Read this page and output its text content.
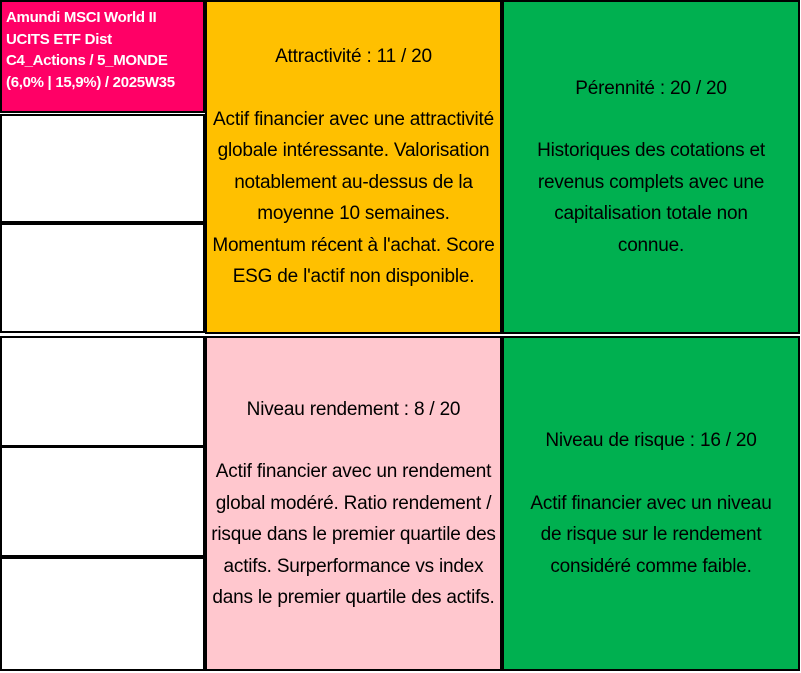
Amundi MSCI World II
UCITS ETF Dist
C4_Actions / 5_MONDE
(6,0% | 15,9%) / 2025W35
Attractivité : 11 / 20
Actif financier avec une attractivité globale intéressante. Valorisation notablement au-dessus de la moyenne 10 semaines. Momentum récent à l'achat. Score ESG de l'actif non disponible.
Pérennité : 20 / 20
Historiques des cotations et revenus complets avec une capitalisation totale non connue.
Niveau rendement : 8 / 20
Actif financier avec un rendement global modéré. Ratio rendement / risque dans le premier quartile des actifs. Surperformance vs index dans le premier quartile des actifs.
Niveau de risque : 16 / 20
Actif financier avec un niveau de risque sur le rendement considéré comme faible.
